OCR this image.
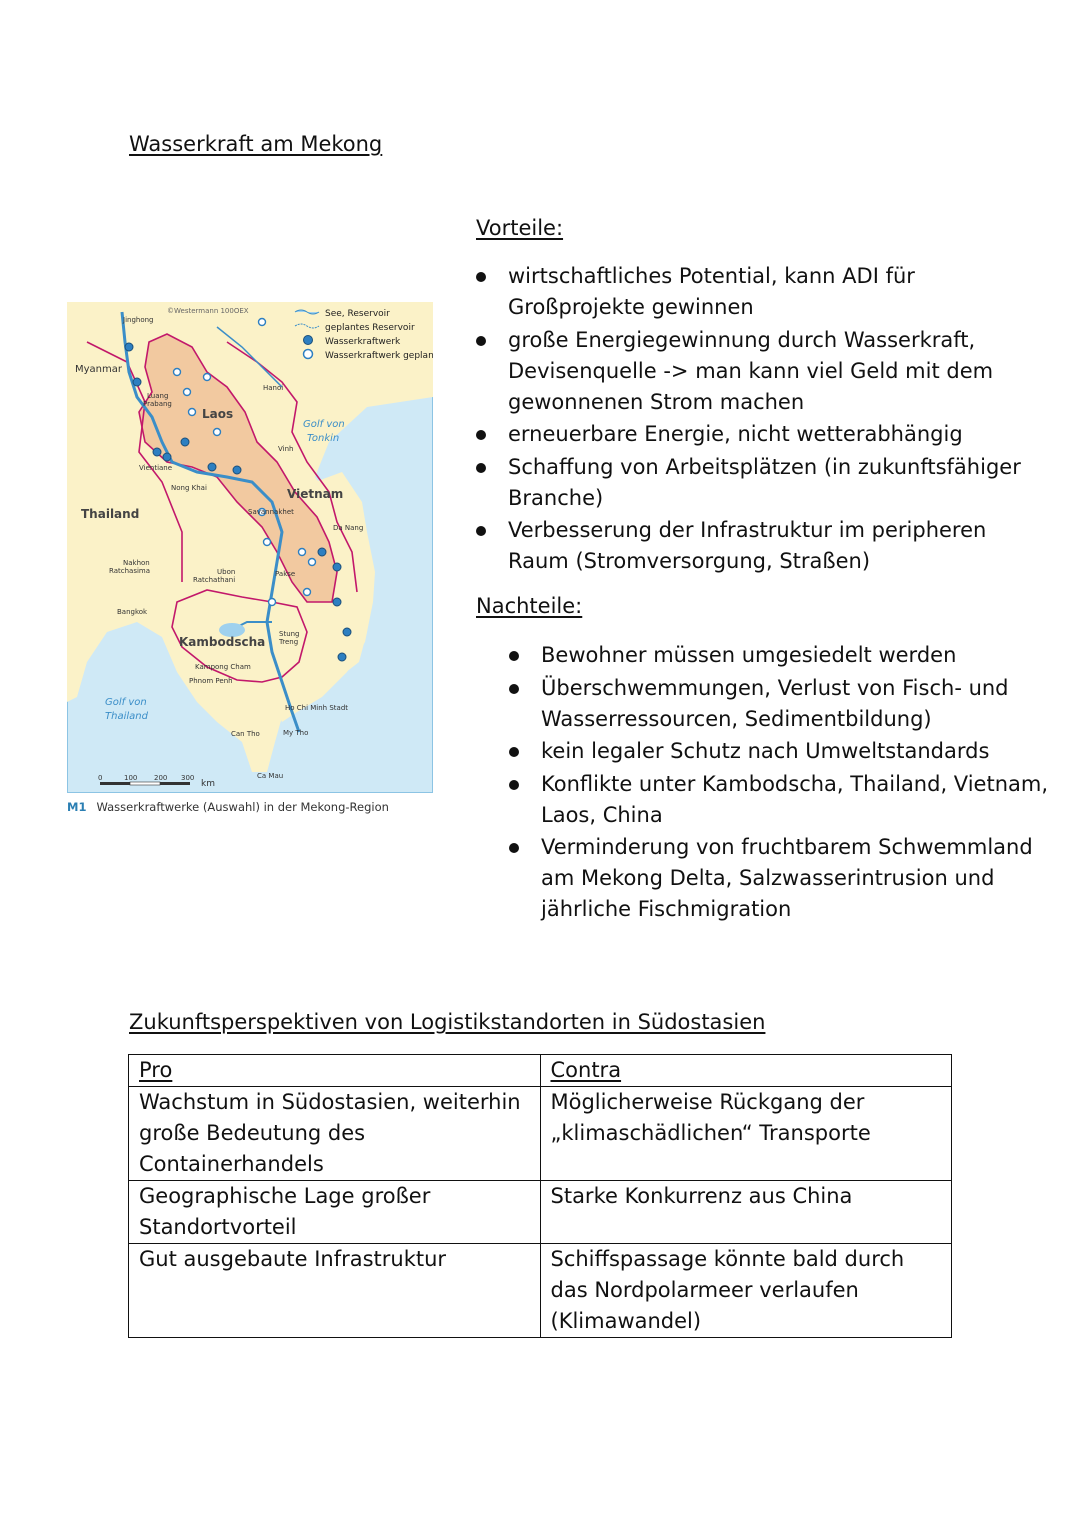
Wasserkraft am Mekong
Vorteile:
wirtschaftliches Potential, kann ADI für Großprojekte gewinnen
große Energiegewinnung durch Wasserkraft, Devisenquelle -> man kann viel Geld mit dem gewonnenen Strom machen
erneuerbare Energie, nicht wetterabhängig
Schaffung von Arbeitsplätzen (in zukunftsfähiger Branche)
Verbesserung der Infrastruktur im peripheren Raum (Stromversorgung, Straßen)
Nachteile:
Bewohner müssen umgesiedelt werden
Überschwemmungen, Verlust von Fisch- und Wasserressourcen, Sedimentbildung)
kein legaler Schutz nach Umweltstandards
Konflikte unter Kambodscha, Thailand, Vietnam, Laos, China
Verminderung von fruchtbarem Schwemmland am Mekong Delta, Salzwasserintrusion und jährliche Fischmigration
See, Reservoir
geplantes Reservoir
Wasserkraftwerk
Wasserkraftwerk geplant
©Westermann 100OEX
Myanmar
Laos
Thailand
Vietnam
Kambodscha
Golf von
Tonkin
Golf von
Thailand
Jinghong
Luang
Prabang
Hanoi
Vinh
Vientiane
Nong Khai
Savannakhet
Da Nang
Nakhon
Ratchasima	Ubon
Ratchathani
Pakse
Bangkok
Stung
Treng
Kampong Cham
Phnom Penh
Ho Chi Minh Stadt
Can Tho	My Tho
Ca Mau
0	100 200 300
km
M1 Wasserkraftwerke (Auswahl) in der Mekong-Region
Zukunftsperspektiven von Logistikstandorten in Südostasien
Pro	Contra
Wachstum in Südostasien, weiterhin große Bedeutung des Containerhandels	Möglicherweise Rückgang der „klimaschädlichen“ Transporte
Geographische Lage großer Standortvorteil	Starke Konkurrenz aus China
Gut ausgebaute Infrastruktur	Schiffspassage könnte bald durch das Nordpolarmeer verlaufen (Klimawandel)
